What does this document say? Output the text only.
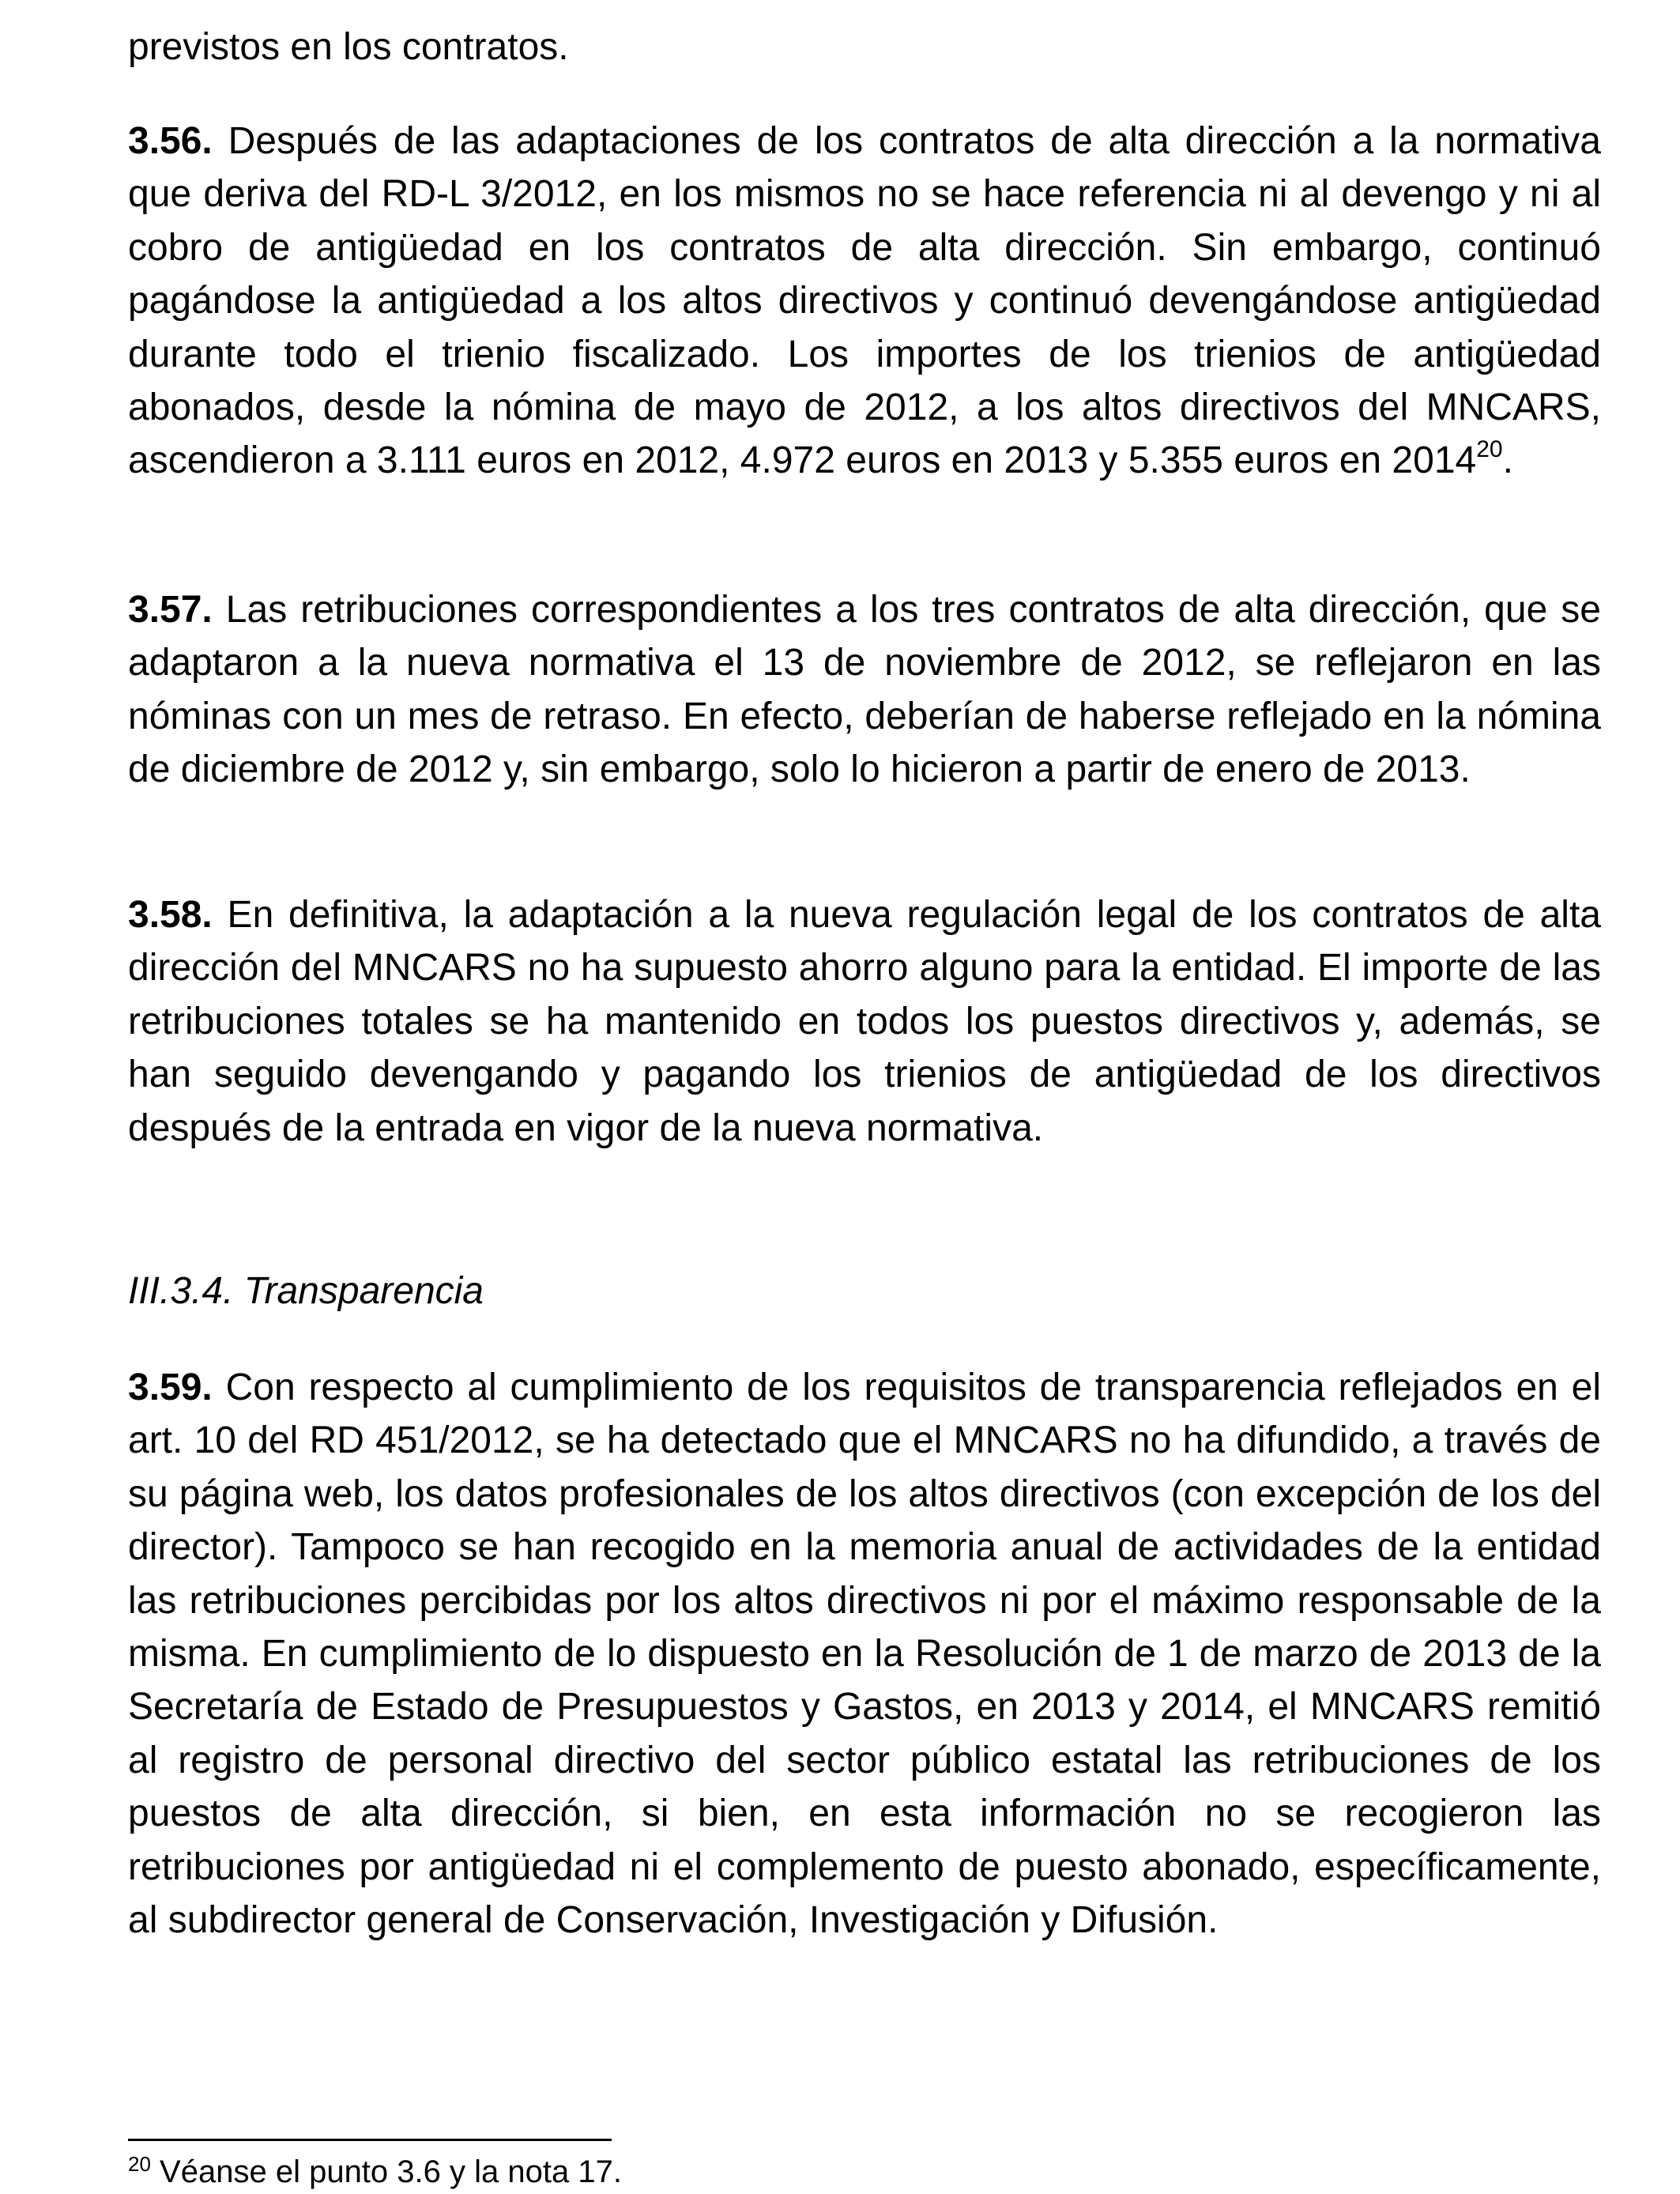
previstos en los contratos.

3.56. Después de las adaptaciones de los contratos de alta dirección a la normativa que deriva del RD-L 3/2012, en los mismos no se hace referencia ni al devengo y ni al cobro de antigüedad en los contratos de alta dirección. Sin embargo, continuó pagándose la antigüedad a los altos directivos y continuó devengándose antigüedad durante todo el trienio fiscalizado. Los importes de los trienios de antigüedad abonados, desde la nómina de mayo de 2012, a los altos directivos del MNCARS, ascendieron a 3.111 euros en 2012, 4.972 euros en 2013 y 5.355 euros en 2014$^{20}$.

3.57. Las retribuciones correspondientes a los tres contratos de alta dirección, que se adaptaron a la nueva normativa el 13 de noviembre de 2012, se reflejaron en las nóminas con un mes de retraso. En efecto, deberían de haberse reflejado en la nómina de diciembre de 2012 y, sin embargo, solo lo hicieron a partir de enero de 2013.

3.58. En definitiva, la adaptación a la nueva regulación legal de los contratos de alta dirección del MNCARS no ha supuesto ahorro alguno para la entidad. El importe de las retribuciones totales se ha mantenido en todos los puestos directivos y, además, se han seguido devengando y pagando los trienios de antigüedad de los directivos después de la entrada en vigor de la nueva normativa.

III.3.4. Transparencia

3.59. Con respecto al cumplimiento de los requisitos de transparencia reflejados en el art. 10 del RD 451/2012, se ha detectado que el MNCARS no ha difundido, a través de su página web, los datos profesionales de los altos directivos (con excepción de los del director). Tampoco se han recogido en la memoria anual de actividades de la entidad las retribuciones percibidas por los altos directivos ni por el máximo responsable de la misma. En cumplimiento de lo dispuesto en la Resolución de 1 de marzo de 2013 de la Secretaría de Estado de Presupuestos y Gastos, en 2013 y 2014, el MNCARS remitió al registro de personal directivo del sector público estatal las retribuciones de los puestos de alta dirección, si bien, en esta información no se recogieron las retribuciones por antigüedad ni el complemento de puesto abonado, específicamente, al subdirector general de Conservación, Investigación y Difusión.

$^{20}$ Véanse el punto 3.6 y la nota 17.
